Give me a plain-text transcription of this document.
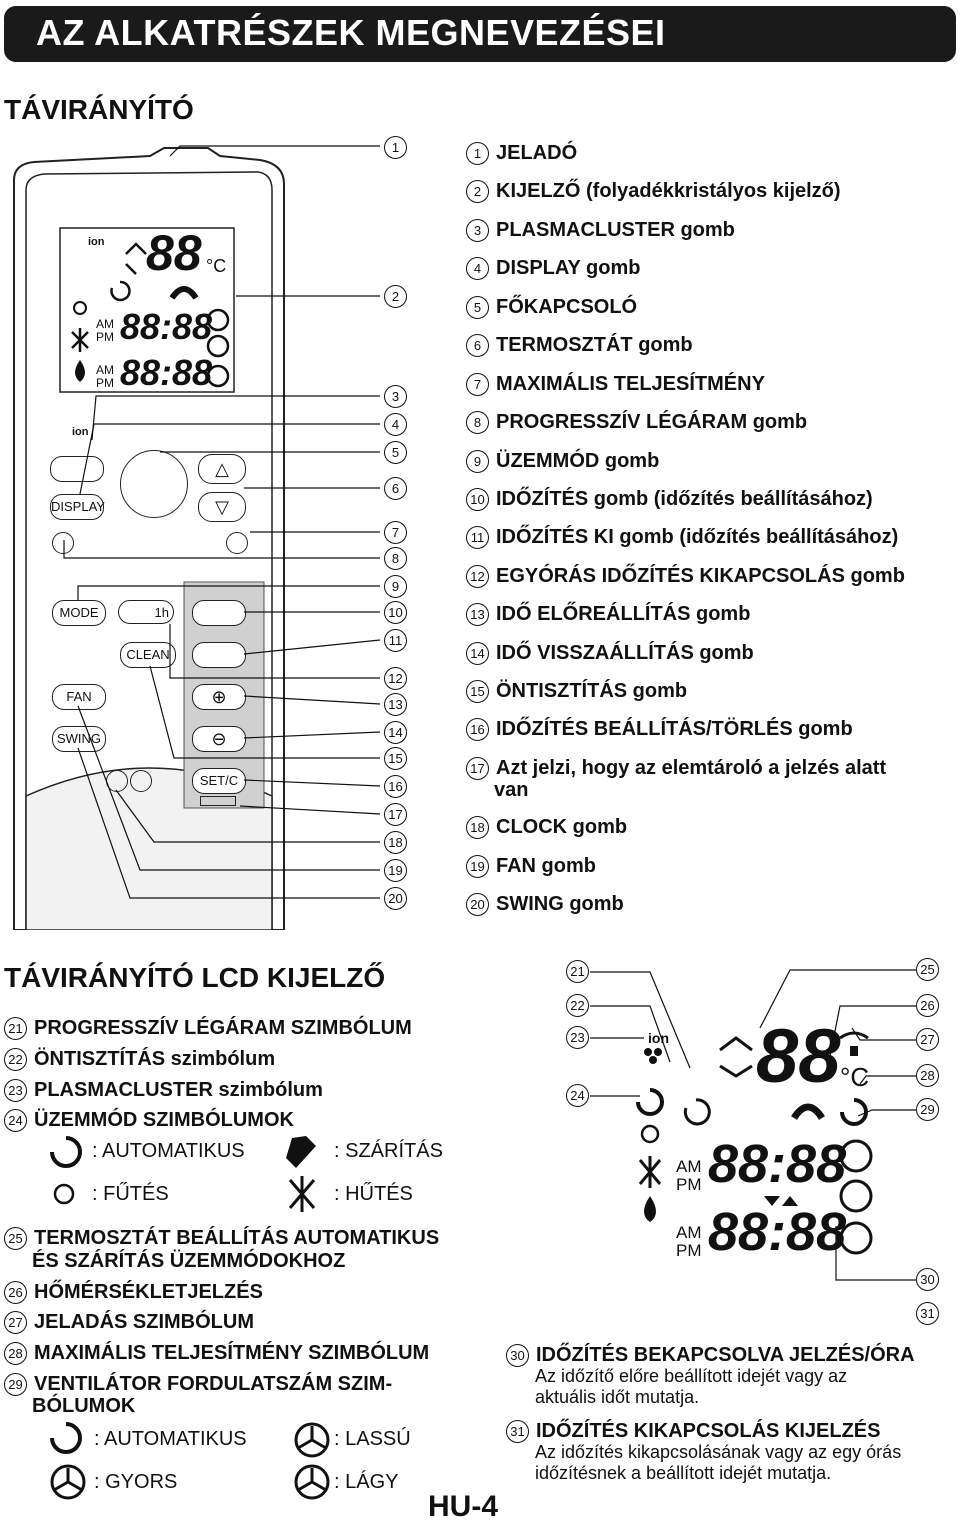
AZ ALKATRÉSZEK MEGNEVEZÉSEI
TÁVIRÁNYÍTÓ
ion 88 °C
AM
PM 88:88
AM
PM 88:88
ion
DISPLAY
△
▽
MODE	1h
CLEAN
FAN	⊕
SWING	⊖
SET/C
1
2
3
4
5
6
7
8
9
10
11
12
13
14
15
16
17
18
19
20
1 JELADÓ
2 KIJELZŐ (folyadékkristályos kijelző)
3 PLASMACLUSTER gomb
4 DISPLAY gomb
5 FŐKAPCSOLÓ
6 TERMOSZTÁT gomb
7 MAXIMÁLIS TELJESÍTMÉNY
8 PROGRESSZÍV LÉGÁRAM gomb
9 ÜZEMMÓD gomb
10 IDŐZÍTÉS gomb (időzítés beállításához)
11 IDŐZÍTÉS KI gomb (időzítés beállításához)
12 EGYÓRÁS IDŐZÍTÉS KIKAPCSOLÁS gomb
13 IDŐ ELŐREÁLLÍTÁS gomb
14 IDŐ VISSZAÁLLÍTÁS gomb
15 ÖNTISZTÍTÁS gomb
16 IDŐZÍTÉS BEÁLLÍTÁS/TÖRLÉS gomb
17 Azt jelzi, hogy az elemtároló a jelzés alatt
van
18 CLOCK gomb
19 FAN gomb
20 SWING gomb
TÁVIRÁNYÍTÓ LCD KIJELZŐ
21 PROGRESSZÍV LÉGÁRAM SZIMBÓLUM
22 ÖNTISZTÍTÁS szimbólum
23 PLASMACLUSTER szimbólum
24 ÜZEMMÓD SZIMBÓLUMOK
: AUTOMATIKUS	: SZÁRÍTÁS
: FŰTÉS	: HŰTÉS
25 TERMOSZTÁT BEÁLLÍTÁS AUTOMATIKUS
ÉS SZÁRÍTÁS ÜZEMMÓDOKHOZ
26 HŐMÉRSÉKLETJELZÉS
27 JELADÁS SZIMBÓLUM
28 MAXIMÁLIS TELJESÍTMÉNY SZIMBÓLUM
29 VENTILÁTOR FORDULATSZÁM SZIM-
BÓLUMOK
: AUTOMATIKUS	: LASSÚ
: GYORS	: LÁGY
ion 88 °C
AM
PM 88:88
AM
PM 88:88
21
22
23
24
25
26
27
28
29
30
31
30 IDŐZÍTÉS BEKAPCSOLVA JELZÉS/ÓRA
Az időzítő előre beállított idejét vagy az
aktuális időt mutatja.
31 IDŐZÍTÉS KIKAPCSOLÁS KIJELZÉS
Az időzítés kikapcsolásának vagy az egy órás
időzítésnek a beállított idejét mutatja.
HU-4
